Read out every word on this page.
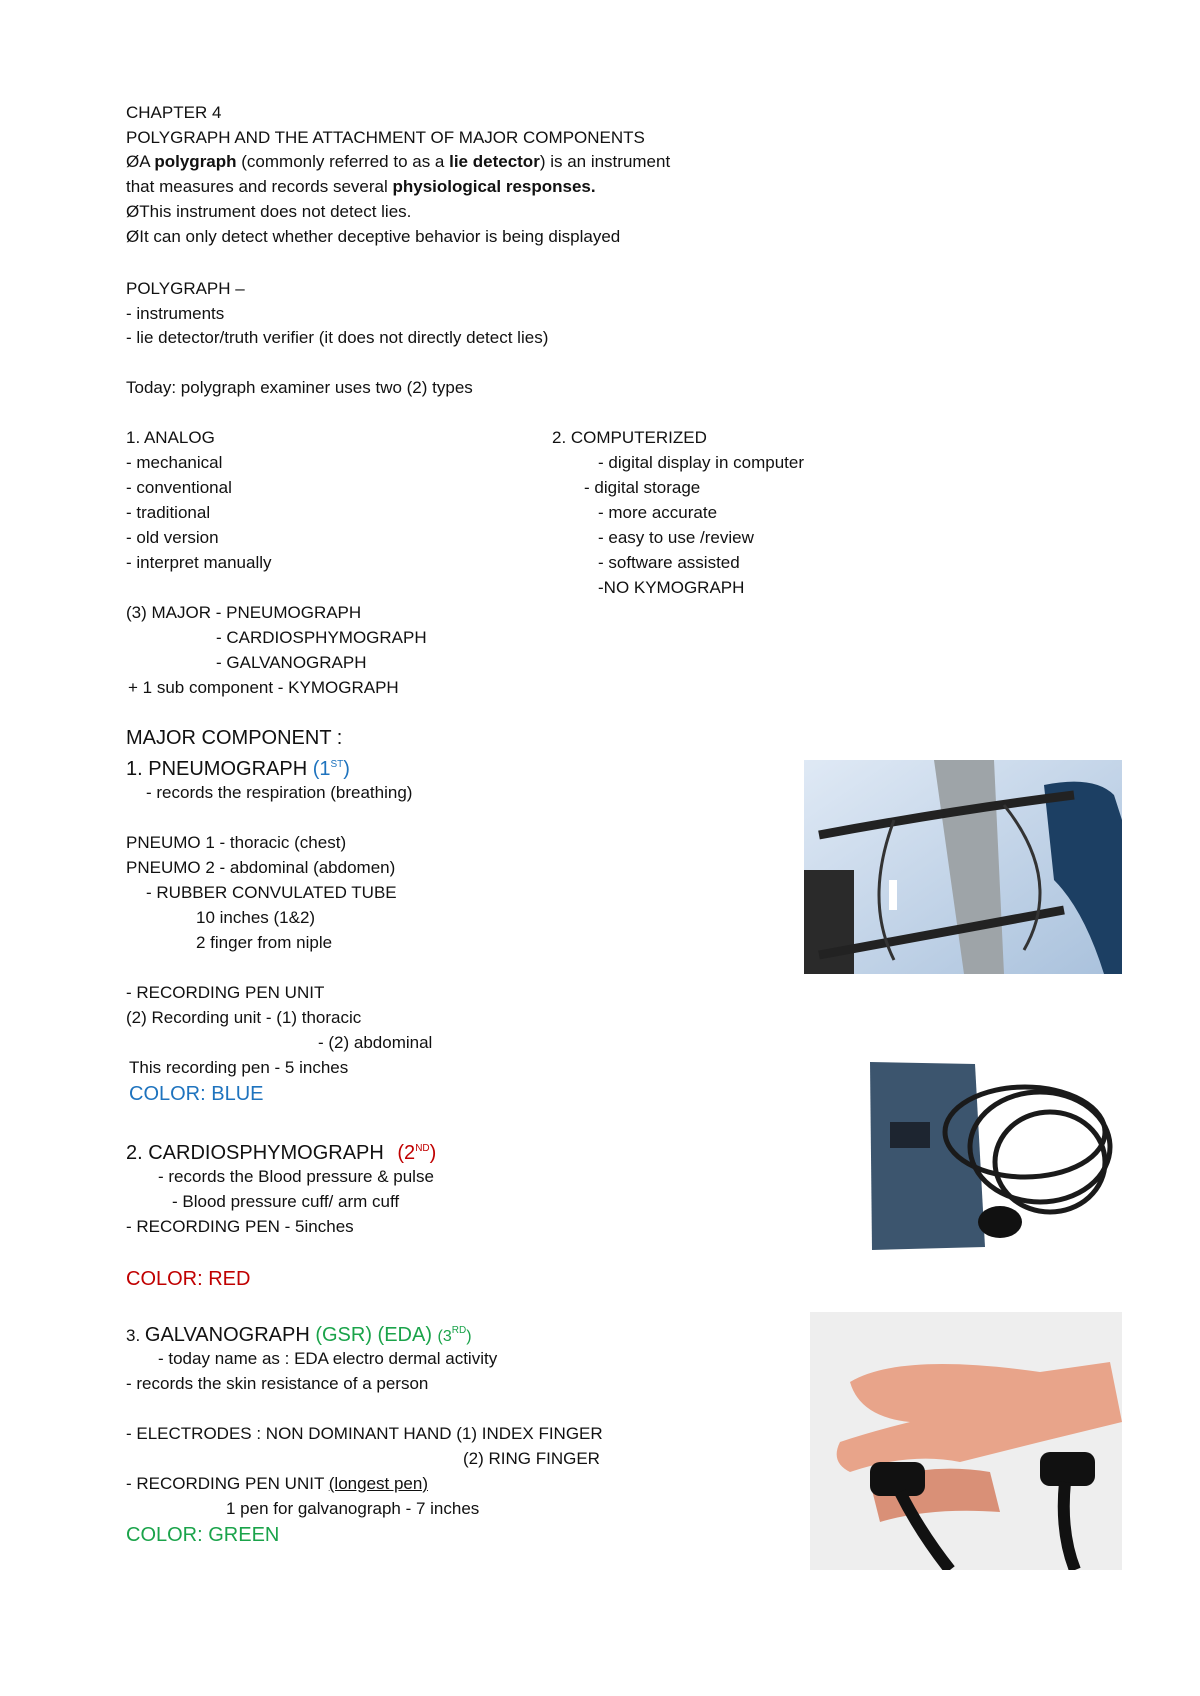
CHAPTER 4
POLYGRAPH AND THE ATTACHMENT OF MAJOR COMPONENTS
ØA polygraph (commonly referred to as a lie detector) is an instrument
that measures and records several physiological responses.
ØThis instrument does not detect lies.
ØIt can only detect whether deceptive behavior is being displayed
POLYGRAPH –
- instruments
- lie detector/truth verifier (it does not directly detect lies)
Today: polygraph examiner uses two (2) types
1. ANALOG
- mechanical
- conventional
- traditional
- old version
- interpret manually
2. COMPUTERIZED
- digital display in computer
- digital storage
- more accurate
- easy to use /review
- software assisted
-NO KYMOGRAPH
(3) MAJOR - PNEUMOGRAPH
- CARDIOSPHYMOGRAPH
- GALVANOGRAPH
+ 1 sub component - KYMOGRAPH
MAJOR COMPONENT :
1. PNEUMOGRAPH (1ST)
- records the respiration (breathing)
PNEUMO 1 - thoracic (chest)
PNEUMO 2 - abdominal (abdomen)
- RUBBER CONVULATED TUBE
10 inches (1&2)
2 finger from niple
- RECORDING PEN UNIT
(2) Recording unit - (1) thoracic
- (2) abdominal
This recording pen - 5 inches
COLOR: BLUE
2. CARDIOSPHYMOGRAPH (2ND)
- records the Blood pressure & pulse
- Blood pressure cuff/ arm cuff
- RECORDING PEN - 5inches
COLOR: RED
3. GALVANOGRAPH (GSR) (EDA) (3RD)
- today name as : EDA electro dermal activity
- records the skin resistance of a person
- ELECTRODES : NON DOMINANT HAND (1) INDEX FINGER
(2) RING FINGER
- RECORDING PEN UNIT (longest pen)
1 pen for galvanograph - 7 inches
COLOR: GREEN
